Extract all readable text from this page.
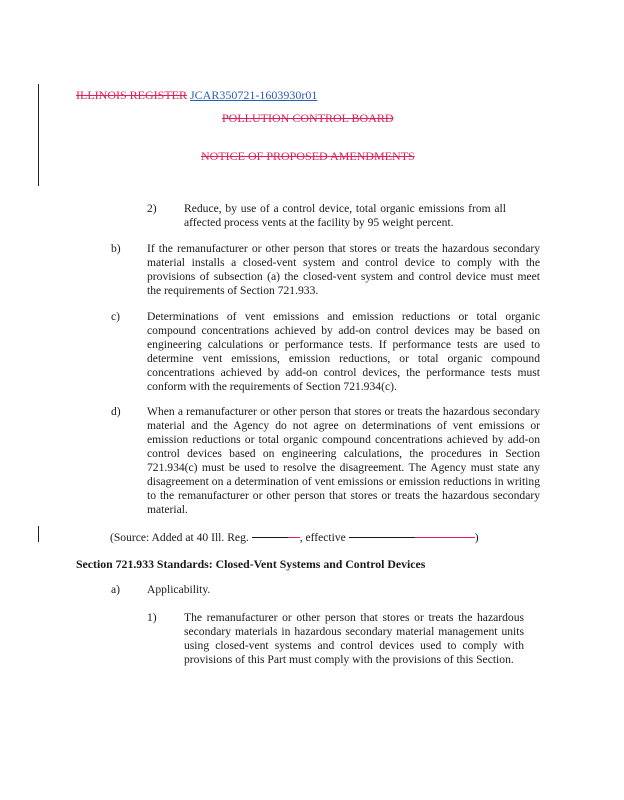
ILLINOIS REGISTER JCAR350721-1603930r01
POLLUTION CONTROL BOARD
NOTICE OF PROPOSED AMENDMENTS
2) Reduce, by use of a control device, total organic emissions from all affected process vents at the facility by 95 weight percent.
b) If the remanufacturer or other person that stores or treats the hazardous secondary material installs a closed-vent system and control device to comply with the provisions of subsection (a) the closed-vent system and control device must meet the requirements of Section 721.933.
c) Determinations of vent emissions and emission reductions or total organic compound concentrations achieved by add-on control devices may be based on engineering calculations or performance tests. If performance tests are used to determine vent emissions, emission reductions, or total organic compound concentrations achieved by add-on control devices, the performance tests must conform with the requirements of Section 721.934(c).
d) When a remanufacturer or other person that stores or treats the hazardous secondary material and the Agency do not agree on determinations of vent emissions or emission reductions or total organic compound concentrations achieved by add-on control devices based on engineering calculations, the procedures in Section 721.934(c) must be used to resolve the disagreement. The Agency must state any disagreement on a determination of vent emissions or emission reductions in writing to the remanufacturer or other person that stores or treats the hazardous secondary material.
(Source: Added at 40 Ill. Reg.	, effective	)
Section 721.933 Standards: Closed-Vent Systems and Control Devices
a) Applicability.
1) The remanufacturer or other person that stores or treats the hazardous secondary materials in hazardous secondary material management units using closed-vent systems and control devices used to comply with provisions of this Part must comply with the provisions of this Section.
